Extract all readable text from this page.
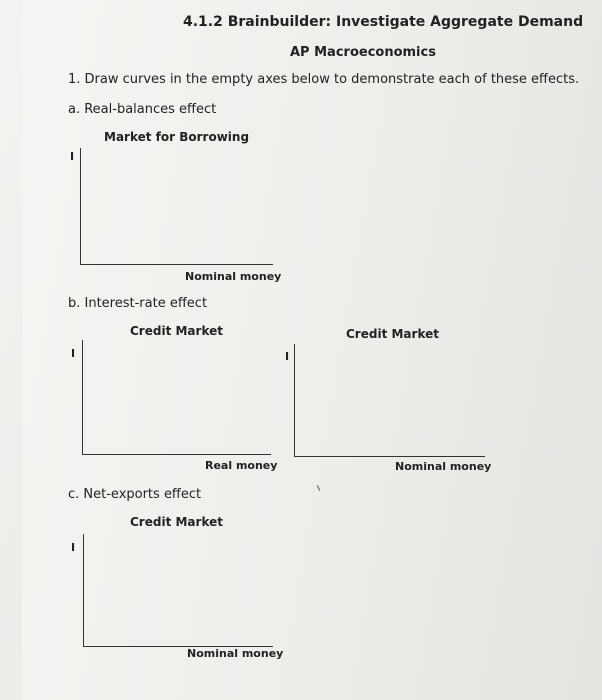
4.1.2 Brainbuilder: Investigate Aggregate Demand
AP Macroeconomics
1. Draw curves in the empty axes below to demonstrate each of these effects.
a. Real-balances effect
Market for Borrowing
I
Nominal money
b. Interest-rate effect
Credit Market
I
Real money
Credit Market
I
Nominal money
c. Net-exports effect
Credit Market
I
Nominal money
